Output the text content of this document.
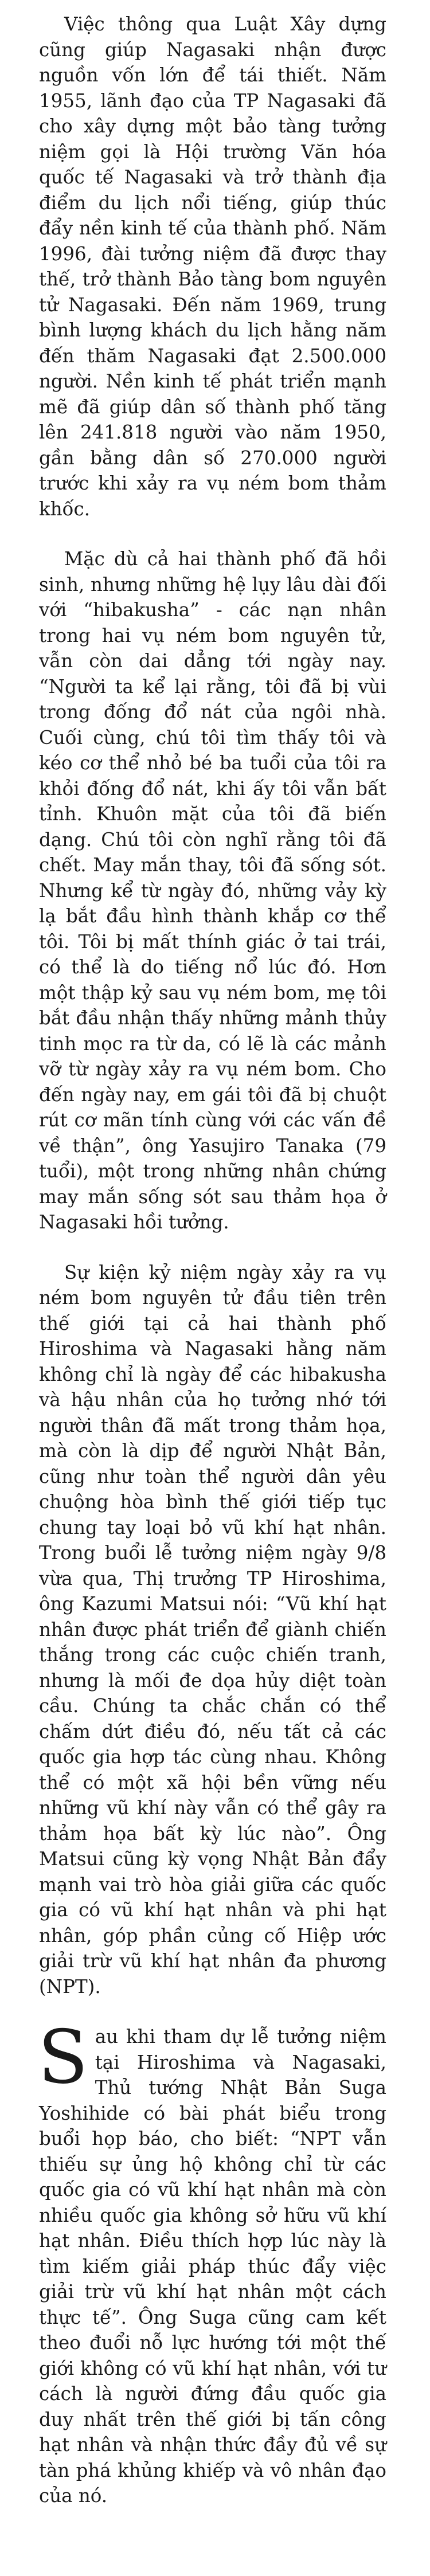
Việc thông qua Luật Xây dựng cũng giúp Nagasaki nhận được nguồn vốn lớn để tái thiết. Năm 1955, lãnh đạo của TP Nagasaki đã cho xây dựng một bảo tàng tưởng niệm gọi là Hội trường Văn hóa quốc tế Nagasaki và trở thành địa điểm du lịch nổi tiếng, giúp thúc đẩy nền kinh tế của thành phố. Năm 1996, đài tưởng niệm đã được thay thế, trở thành Bảo tàng bom nguyên tử Nagasaki. Đến năm 1969, trung bình lượng khách du lịch hằng năm đến thăm Nagasaki đạt 2.500.000 người. Nền kinh tế phát triển mạnh mẽ đã giúp dân số thành phố tăng lên 241.818 người vào năm 1950, gần bằng dân số 270.000 người trước khi xảy ra vụ ném bom thảm khốc.

Mặc dù cả hai thành phố đã hồi sinh, nhưng những hệ lụy lâu dài đối với “hibakusha” - các nạn nhân trong hai vụ ném bom nguyên tử, vẫn còn dai dẳng tới ngày nay. “Người ta kể lại rằng, tôi đã bị vùi trong đống đổ nát của ngôi nhà. Cuối cùng, chú tôi tìm thấy tôi và kéo cơ thể nhỏ bé ba tuổi của tôi ra khỏi đống đổ nát, khi ấy tôi vẫn bất tỉnh. Khuôn mặt của tôi đã biến dạng. Chú tôi còn nghĩ rằng tôi đã chết. May mắn thay, tôi đã sống sót. Nhưng kể từ ngày đó, những vảy kỳ lạ bắt đầu hình thành khắp cơ thể tôi. Tôi bị mất thính giác ở tai trái, có thể là do tiếng nổ lúc đó. Hơn một thập kỷ sau vụ ném bom, mẹ tôi bắt đầu nhận thấy những mảnh thủy tinh mọc ra từ da, có lẽ là các mảnh vỡ từ ngày xảy ra vụ ném bom. Cho đến ngày nay, em gái tôi đã bị chuột rút cơ mãn tính cùng với các vấn đề về thận”, ông Yasujiro Tanaka (79 tuổi), một trong những nhân chứng may mắn sống sót sau thảm họa ở Nagasaki hồi tưởng.

Sự kiện kỷ niệm ngày xảy ra vụ ném bom nguyên tử đầu tiên trên thế giới tại cả hai thành phố Hiroshima và Nagasaki hằng năm không chỉ là ngày để các hibakusha và hậu nhân của họ tưởng nhớ tới người thân đã mất trong thảm họa, mà còn là dịp để người Nhật Bản, cũng như toàn thể người dân yêu chuộng hòa bình thế giới tiếp tục chung tay loại bỏ vũ khí hạt nhân. Trong buổi lễ tưởng niệm ngày 9/8 vừa qua, Thị trưởng TP Hiroshima, ông Kazumi Matsui nói: “Vũ khí hạt nhân được phát triển để giành chiến thắng trong các cuộc chiến tranh, nhưng là mối đe dọa hủy diệt toàn cầu. Chúng ta chắc chắn có thể chấm dứt điều đó, nếu tất cả các quốc gia hợp tác cùng nhau. Không thể có một xã hội bền vững nếu những vũ khí này vẫn có thể gây ra thảm họa bất kỳ lúc nào”. Ông Matsui cũng kỳ vọng Nhật Bản đẩy mạnh vai trò hòa giải giữa các quốc gia có vũ khí hạt nhân và phi hạt nhân, góp phần củng cố Hiệp ước giải trừ vũ khí hạt nhân đa phương (NPT).

Sau khi tham dự lễ tưởng niệm tại Hiroshima và Nagasaki, Thủ tướng Nhật Bản Suga Yoshihide có bài phát biểu trong buổi họp báo, cho biết: “NPT vẫn thiếu sự ủng hộ không chỉ từ các quốc gia có vũ khí hạt nhân mà còn nhiều quốc gia không sở hữu vũ khí hạt nhân. Điều thích hợp lúc này là tìm kiếm giải pháp thúc đẩy việc giải trừ vũ khí hạt nhân một cách thực tế”. Ông Suga cũng cam kết theo đuổi nỗ lực hướng tới một thế giới không có vũ khí hạt nhân, với tư cách là người đứng đầu quốc gia duy nhất trên thế giới bị tấn công hạt nhân và nhận thức đầy đủ về sự tàn phá khủng khiếp và vô nhân đạo của nó.
